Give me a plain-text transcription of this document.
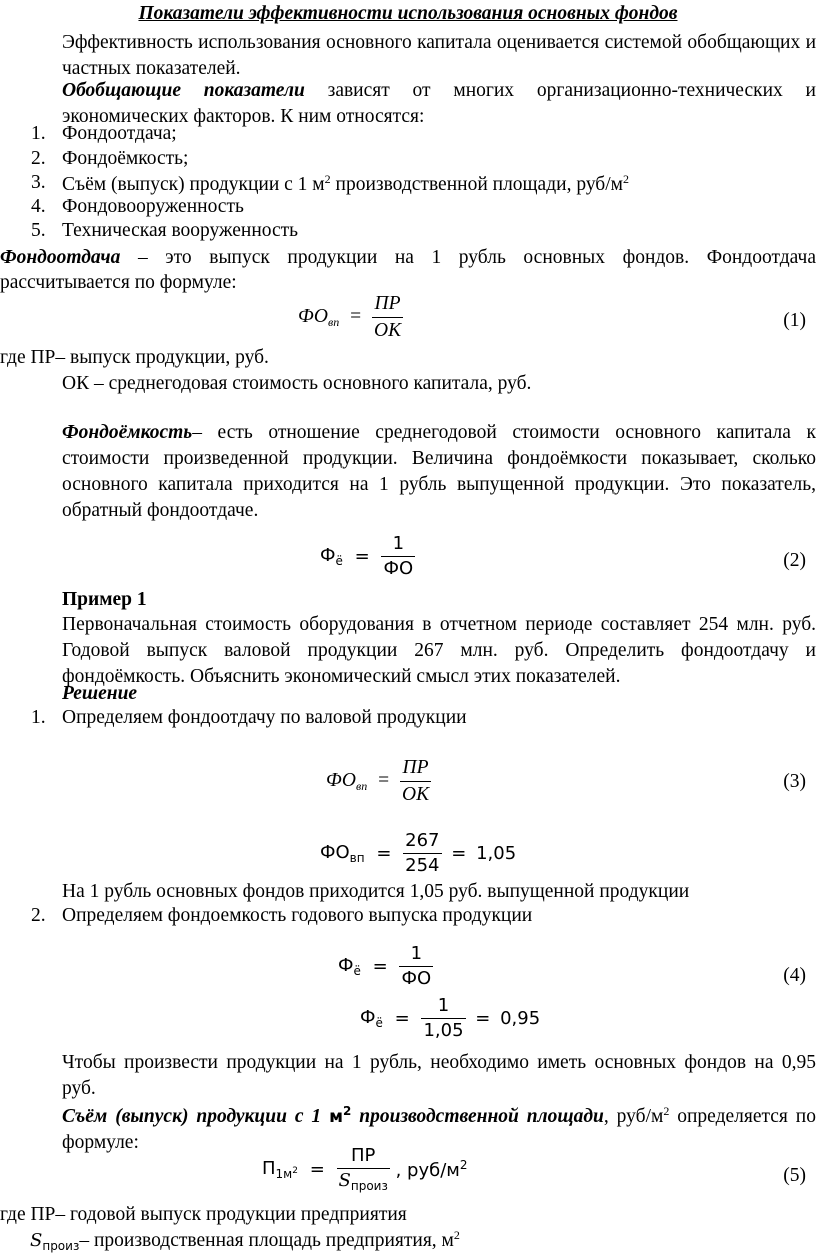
Показатели эффективности использования основных фондов
Эффективность использования основного капитала оценивается системой обобщающих и частных показателей.
Обобщающие показатели зависят от многих организационно-технических и экономических факторов. К ним относятся:
1. Фондоотдача;
2. Фондоёмкость;
3. Съём (выпуск) продукции с 1 $м^2$ производственной площади, руб/$м^2$
4. Фондовооруженность
5. Техническая вооруженность
Фондоотдача – это выпуск продукции на 1 рубль основных фондов. Фондоотдача рассчитывается по формуле:
$ФО_{вп} = \frac{ПР}{ОК}$	(1)
где ПР– выпуск продукции, руб.
ОК – среднегодовая стоимость основного капитала, руб.
Фондоёмкость– есть отношение среднегодовой стоимости основного капитала к стоимости произведенной продукции. Величина фондоёмкости показывает, сколько основного капитала приходится на 1 рубль выпущенной продукции. Это показатель, обратный фондоотдаче.
$Ф_ё = \frac{1}{ФО}$	(2)
Пример 1
Первоначальная стоимость оборудования в отчетном периоде составляет 254 млн. руб. Годовой выпуск валовой продукции 267 млн. руб. Определить фондоотдачу и фондоёмкость. Объяснить экономический смысл этих показателей.
Решение
1. Определяем фондоотдачу по валовой продукции
$ФО_{вп} = \frac{ПР}{ОК}$	(3)
$ФО_{вп} = \frac{267}{254} = 1,05$
На 1 рубль основных фондов приходится 1,05 руб. выпущенной продукции
2. Определяем фондоемкость годового выпуска продукции
$Ф_ё = \frac{1}{ФО}$	(4)
$Ф_ё = \frac{1}{1,05} = 0,95$
Чтобы произвести продукции на 1 рубль, необходимо иметь основных фондов на 0,95 руб.
Съём (выпуск) продукции с 1 $м^2$ производственной площади, руб/$м^2$ определяется по формуле:
$П_{1м^2} = \frac{ПР}{S_{произ}}$ , руб/$м^2$	(5)
где ПР– годовой выпуск продукции предприятия
$S_{произ}-$ производственная площадь предприятия, $м^2$
